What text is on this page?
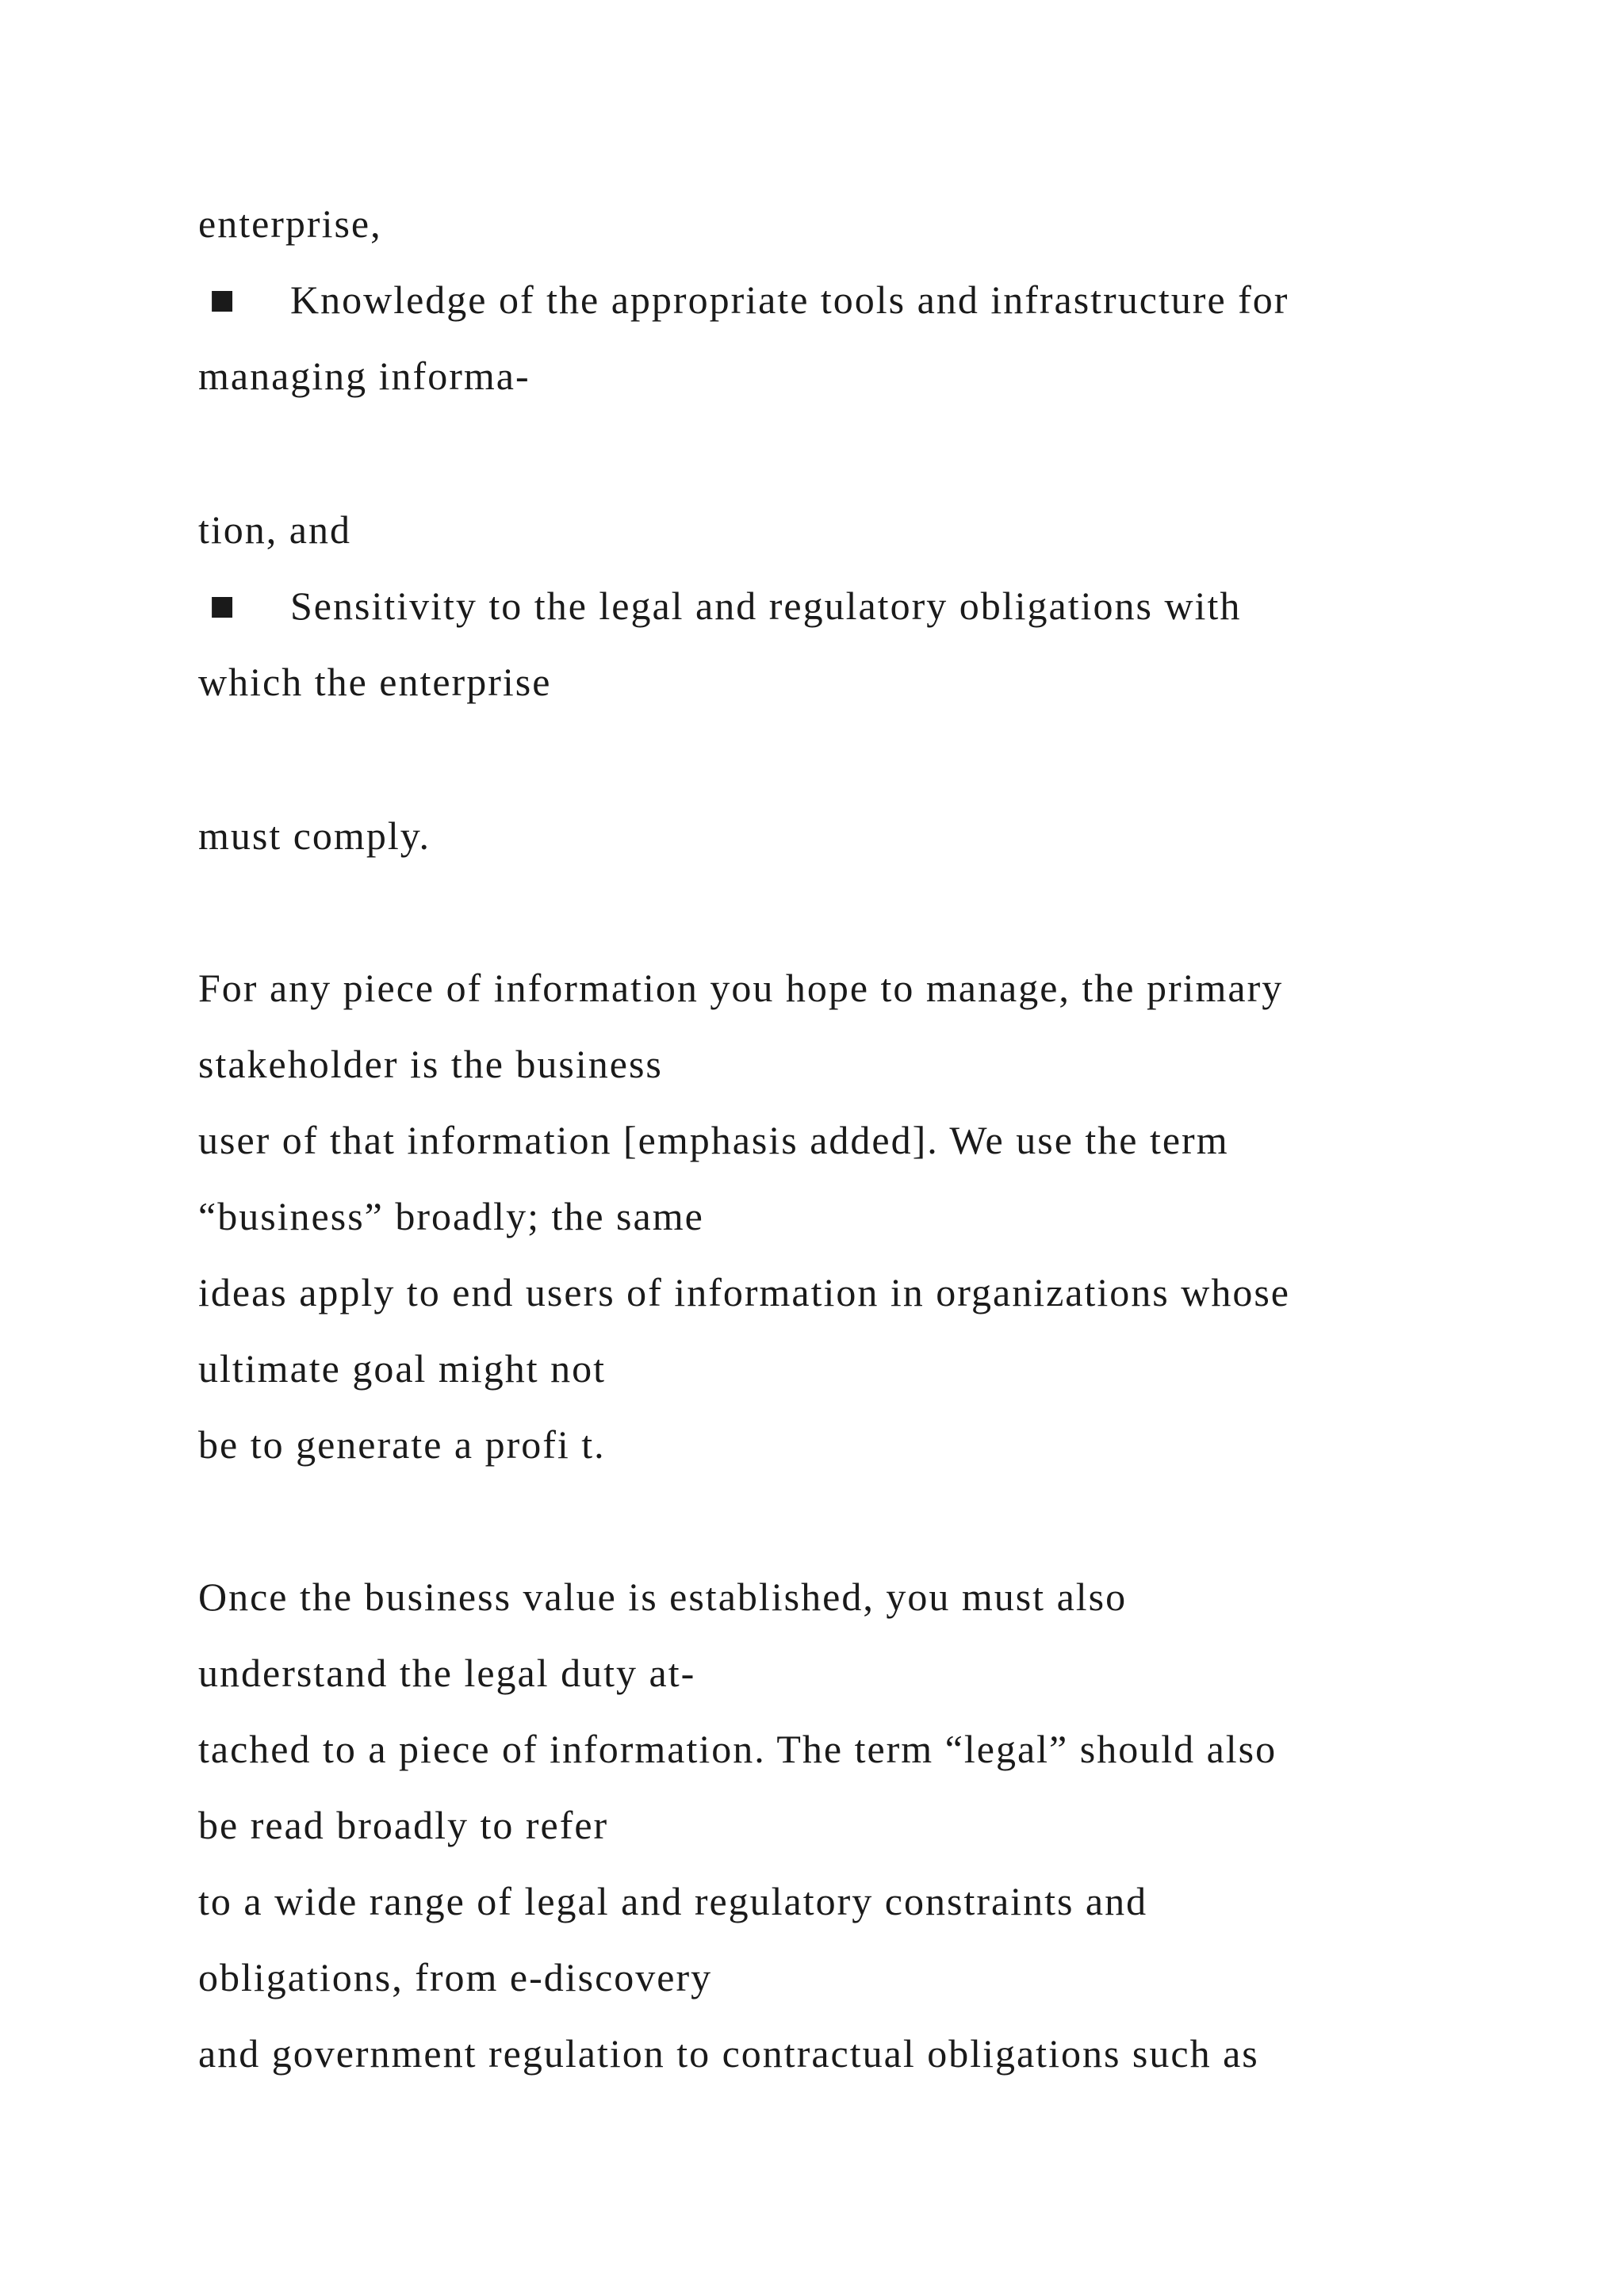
enterprise,

■ Knowledge of the appropriate tools and infrastructure for

managing informa-

tion, and

■ Sensitivity to the legal and regulatory obligations with

which the enterprise

must comply.

For any piece of information you hope to manage, the primary

stakeholder is the business

user of that information [emphasis added]. We use the term

“business” broadly; the same

ideas apply to end users of information in organizations whose

ultimate goal might not

be to generate a profi t.

Once the business value is established, you must also

understand the legal duty at-

tached to a piece of information. The term “legal” should also

be read broadly to refer

to a wide range of legal and regulatory constraints and

obligations, from e-discovery

and government regulation to contractual obligations such as
